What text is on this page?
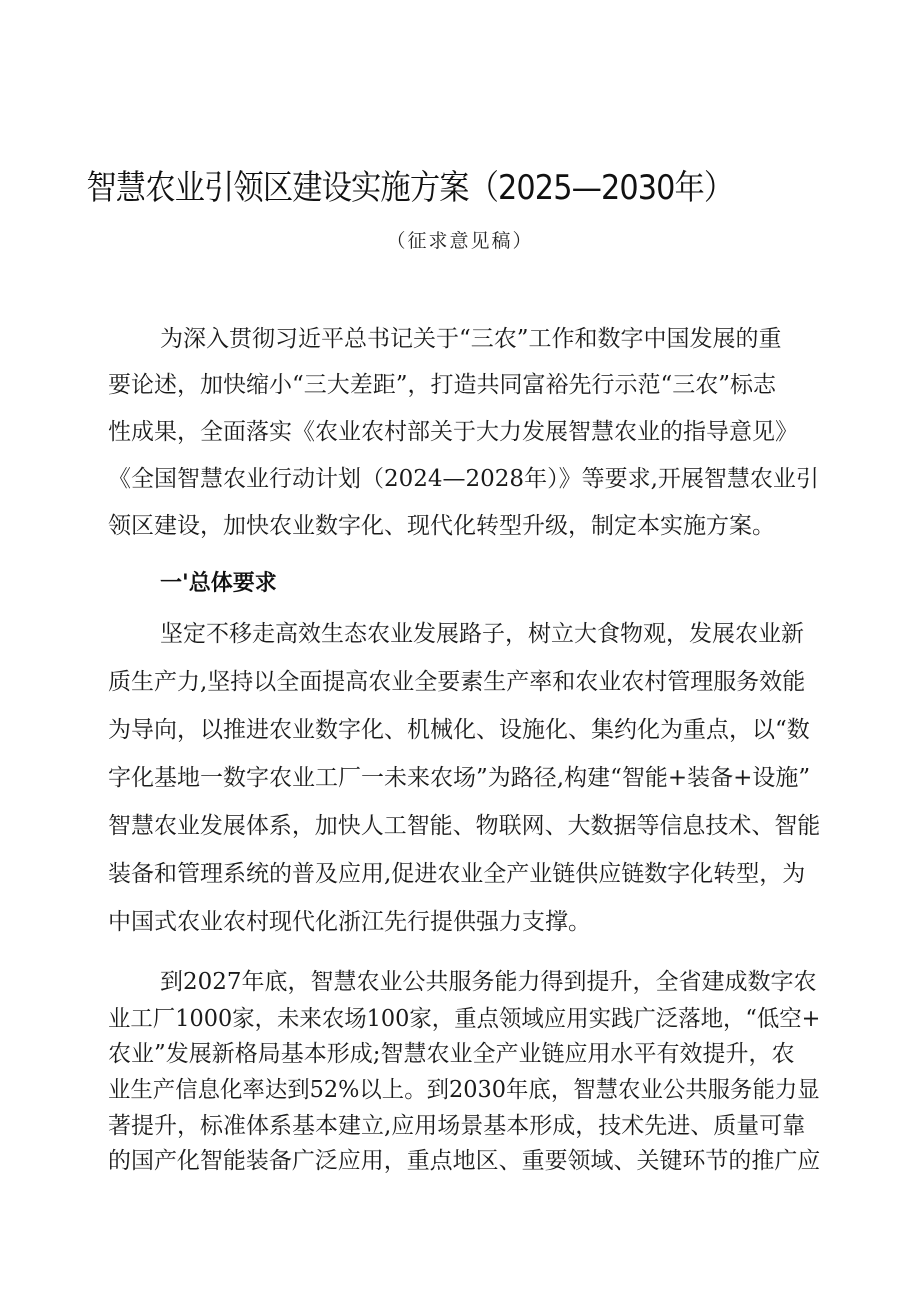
智慧农业引领区建设实施方案（2025—2030年）
（征求意见稿）
为深入贯彻习近平总书记关于“三农”工作和数字中国发展的重
要论述，加快缩小“三大差距”，打造共同富裕先行示范“三农”标志
性成果，全面落实《农业农村部关于大力发展智慧农业的指导意见》
《全国智慧农业行动计划（2024—2028年）》等要求,开展智慧农业引
领区建设，加快农业数字化、现代化转型升级，制定本实施方案。
一'总体要求
坚定不移走高效生态农业发展路子，树立大食物观，发展农业新
质生产力,坚持以全面提高农业全要素生产率和农业农村管理服务效能
为导向，以推进农业数字化、机械化、设施化、集约化为重点，以“数
字化基地一数字农业工厂一未来农场”为路径,构建“智能+装备+设施”
智慧农业发展体系，加快人工智能、物联网、大数据等信息技术、智能
装备和管理系统的普及应用,促进农业全产业链供应链数字化转型，为
中国式农业农村现代化浙江先行提供强力支撑。
到2027年底，智慧农业公共服务能力得到提升，全省建成数字农
业工厂1000家，未来农场100家，重点领域应用实践广泛落地，“低空+
农业”发展新格局基本形成;智慧农业全产业链应用水平有效提升，农
业生产信息化率达到52%以上。到2030年底，智慧农业公共服务能力显
著提升，标准体系基本建立,应用场景基本形成，技术先进、质量可靠
的国产化智能装备广泛应用，重点地区、重要领域、关键环节的推广应
